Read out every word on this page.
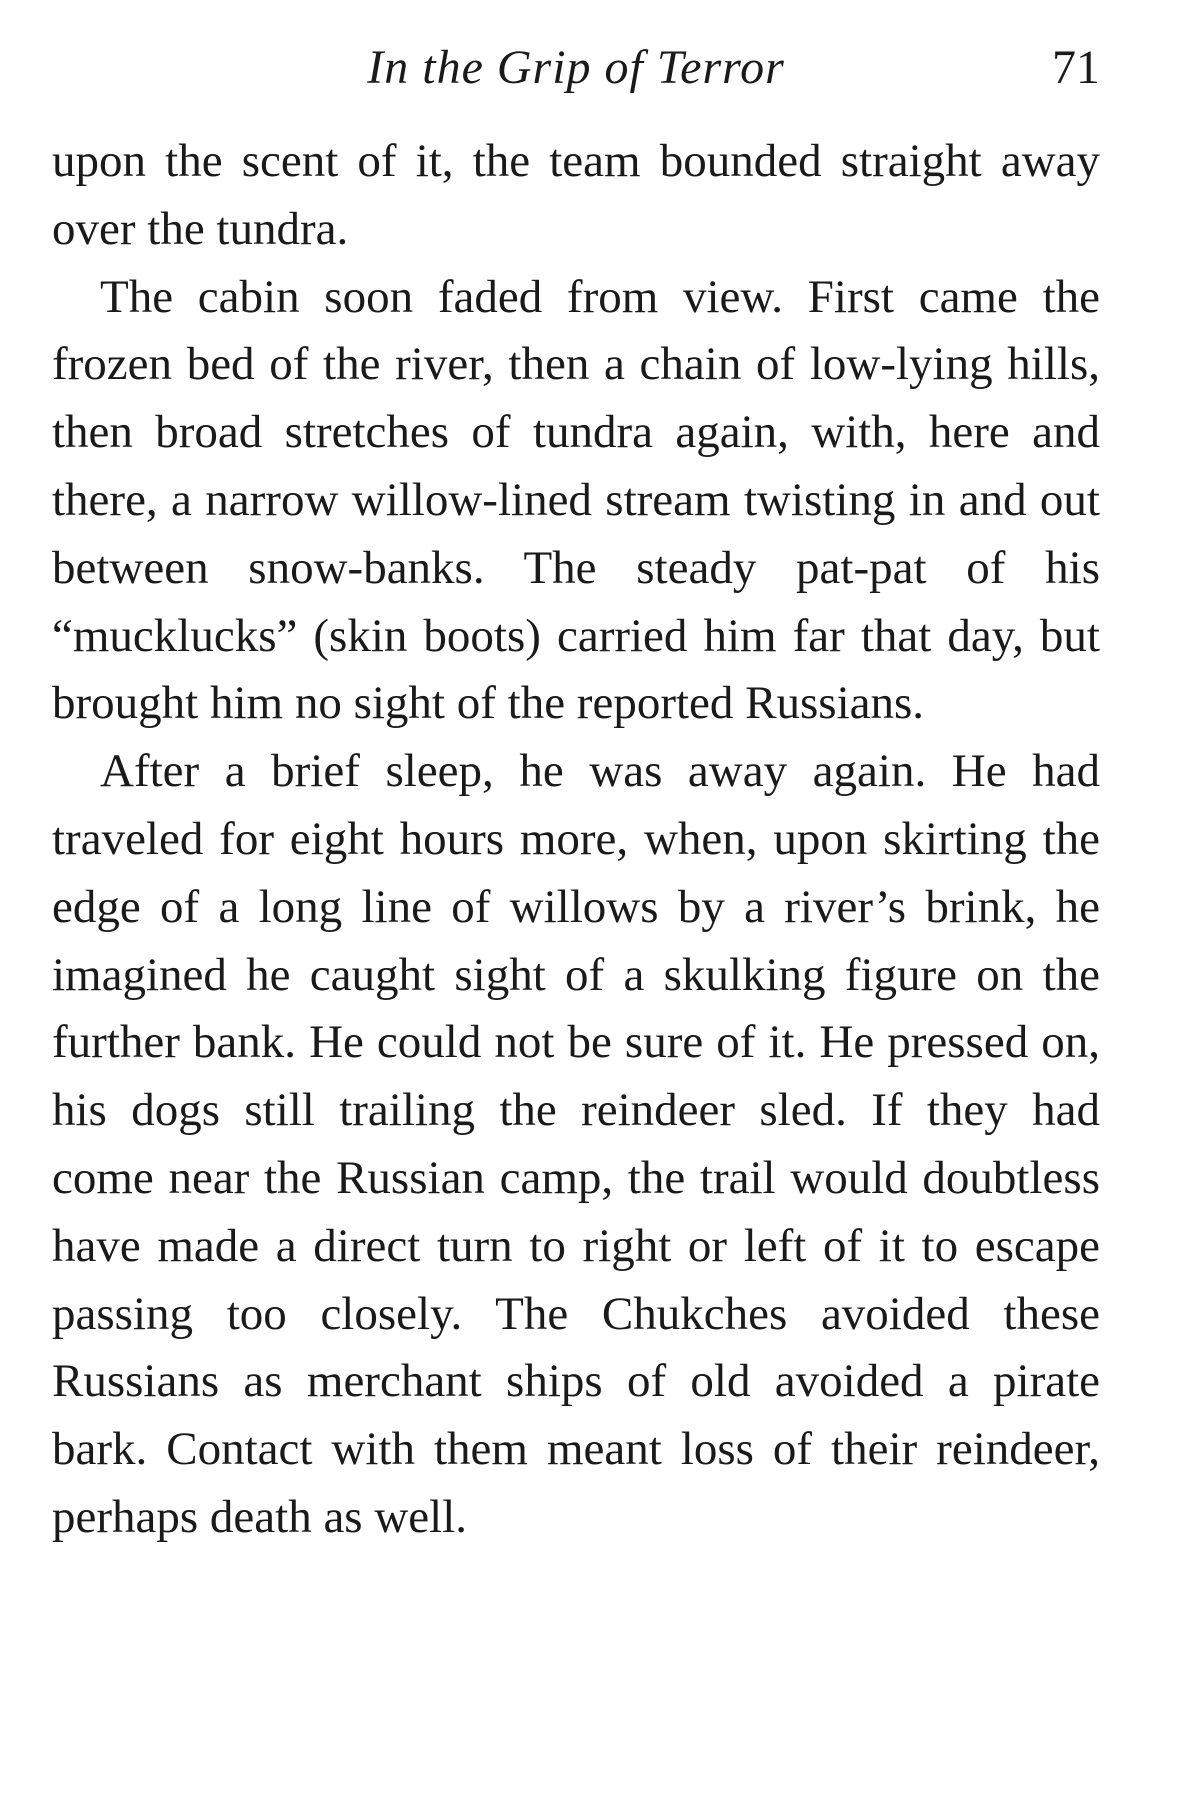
In the Grip of Terror	71

upon the scent of it, the team bounded straight away over the tundra.

The cabin soon faded from view. First came the frozen bed of the river, then a chain of low-lying hills, then broad stretches of tundra again, with, here and there, a narrow willow-lined stream twisting in and out between snow-banks. The steady pat-pat of his “mucklucks” (skin boots) carried him far that day, but brought him no sight of the reported Russians.

After a brief sleep, he was away again. He had traveled for eight hours more, when, upon skirting the edge of a long line of willows by a river’s brink, he imagined he caught sight of a skulking figure on the further bank. He could not be sure of it. He pressed on, his dogs still trailing the reindeer sled. If they had come near the Russian camp, the trail would doubtless have made a direct turn to right or left of it to escape passing too closely. The Chukches avoided these Russians as merchant ships of old avoided a pirate bark. Contact with them meant loss of their reindeer, perhaps death as well.
